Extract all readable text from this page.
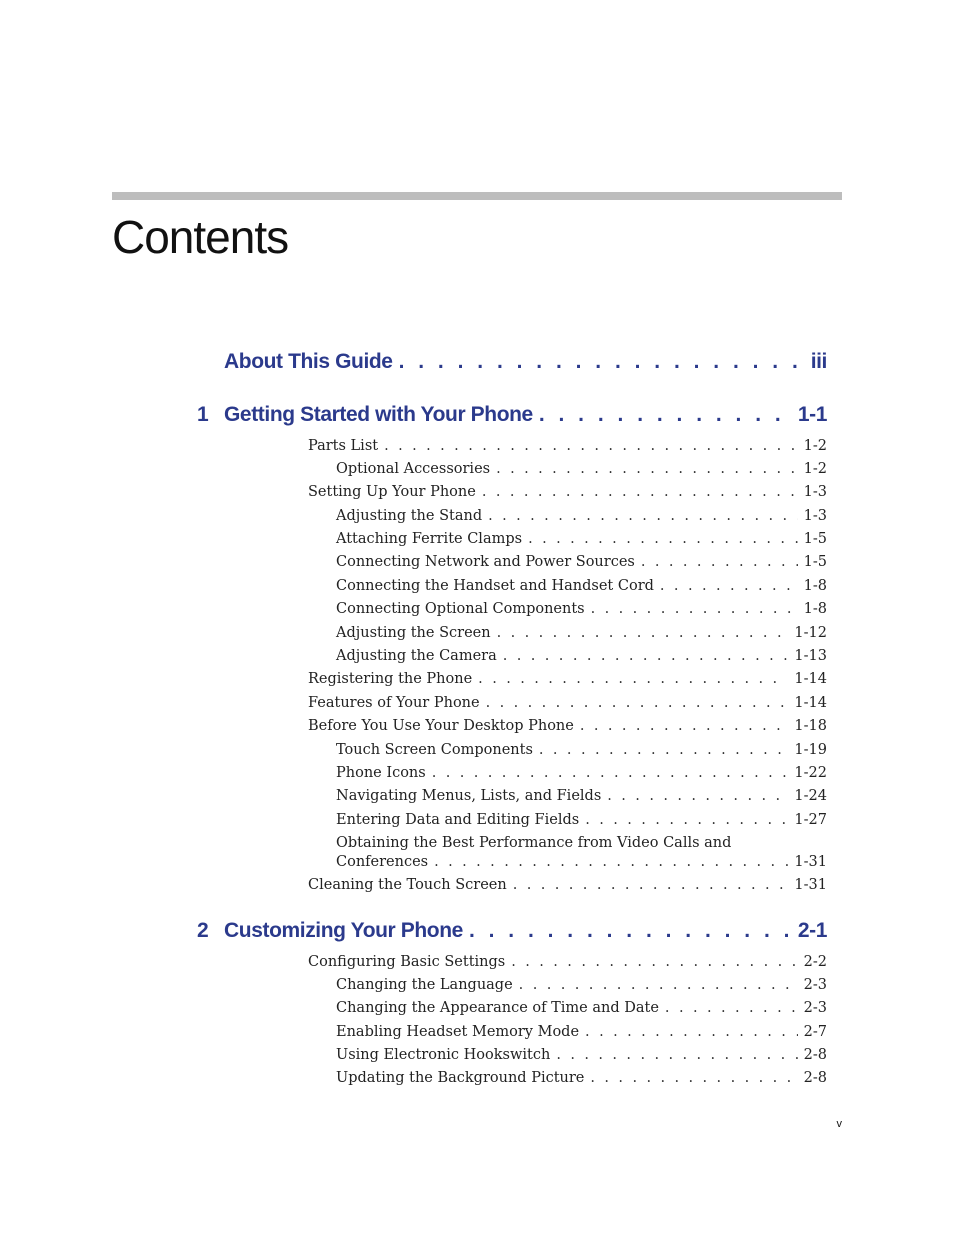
Contents
About This Guide . . .	iii
1 Getting Started with Your Phone . . .	1-1
Parts List . . .	1-2
Optional Accessories . . .	1-2
Setting Up Your Phone . . .	1-3
Adjusting the Stand . . .	1-3
Attaching Ferrite Clamps . . .	1-5
Connecting Network and Power Sources . . .	1-5
Connecting the Handset and Handset Cord . . .	1-8
Connecting Optional Components . . .	1-8
Adjusting the Screen . . .	1-12
Adjusting the Camera . . .	1-13
Registering the Phone . . .	1-14
Features of Your Phone . . .	1-14
Before You Use Your Desktop Phone . . .	1-18
Touch Screen Components . . .	1-19
Phone Icons . . .	1-22
Navigating Menus, Lists, and Fields . . .	1-24
Entering Data and Editing Fields . . .	1-27
Obtaining the Best Performance from Video Calls and
Conferences . . .	1-31
Cleaning the Touch Screen . . .	1-31
2 Customizing Your Phone . . .	2-1
Configuring Basic Settings . . .	2-2
Changing the Language . . .	2-3
Changing the Appearance of Time and Date . . .	2-3
Enabling Headset Memory Mode . . .	2-7
Using Electronic Hookswitch . . .	2-8
Updating the Background Picture . . .	2-8
v
